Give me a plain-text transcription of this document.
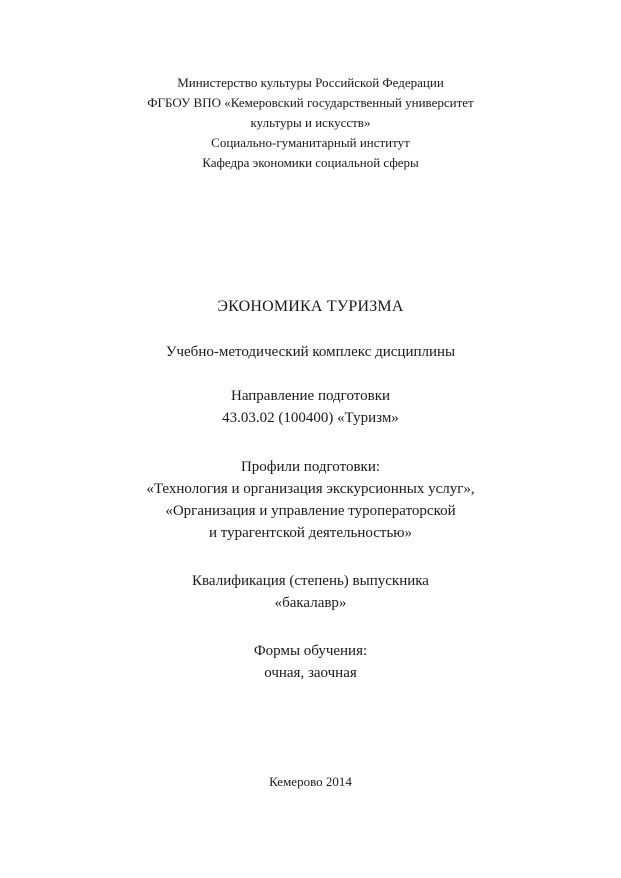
Министерство культуры Российской Федерации
ФГБОУ ВПО «Кемеровский государственный университет
культуры и искусств»
Социально-гуманитарный институт
Кафедра экономики социальной сферы
ЭКОНОМИКА ТУРИЗМА
Учебно-методический комплекс дисциплины
Направление подготовки
43.03.02 (100400) «Туризм»
Профили подготовки:
«Технология и организация экскурсионных услуг»,
«Организация и управление туроператорской
и турагентской деятельностью»
Квалификация (степень) выпускника
«бакалавр»
Формы обучения:
очная, заочная
Кемерово 2014
